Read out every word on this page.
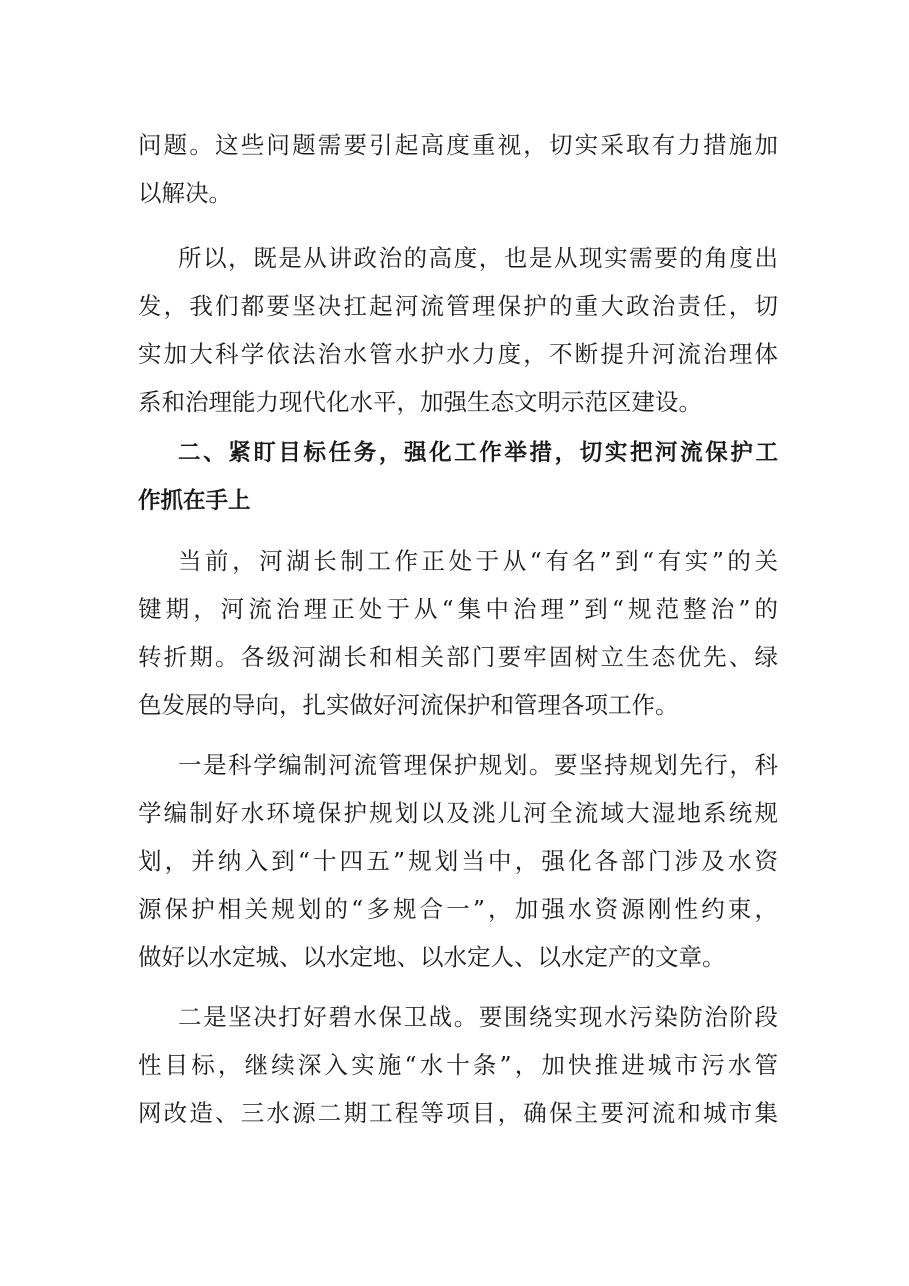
问题。这些问题需要引起高度重视，切实采取有力措施加
以解决。
所以，既是从讲政治的高度，也是从现实需要的角度出
发，我们都要坚决扛起河流管理保护的重大政治责任，切
实加大科学依法治水管水护水力度，不断提升河流治理体
系和治理能力现代化水平，加强生态文明示范区建设。
二、紧盯目标任务，强化工作举措，切实把河流保护工
作抓在手上
当前，河湖长制工作正处于从“有名”到“有实”的关
键期，河流治理正处于从“集中治理”到“规范整治”的
转折期。各级河湖长和相关部门要牢固树立生态优先、绿
色发展的导向，扎实做好河流保护和管理各项工作。
一是科学编制河流管理保护规划。要坚持规划先行，科
学编制好水环境保护规划以及洮儿河全流域大湿地系统规
划，并纳入到“十四五”规划当中，强化各部门涉及水资
源保护相关规划的“多规合一”，加强水资源刚性约束，
做好以水定城、以水定地、以水定人、以水定产的文章。
二是坚决打好碧水保卫战。要围绕实现水污染防治阶段
性目标，继续深入实施“水十条”，加快推进城市污水管
网改造、三水源二期工程等项目，确保主要河流和城市集
